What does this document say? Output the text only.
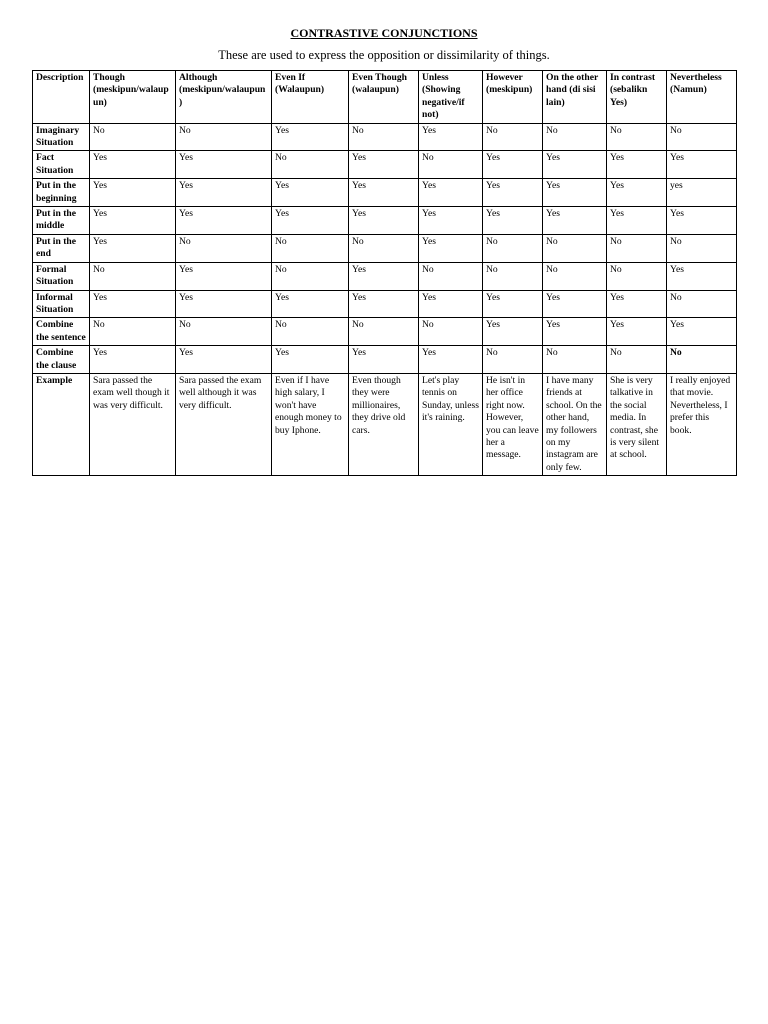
CONTRASTIVE CONJUNCTIONS
These are used to express the opposition or dissimilarity of things.
Description	Though (meskipun/walaupun)	Although (meskipun/walaupun)	Even If (Walaupun)	Even Though (walaupun)	Unless (Showing negative/if not)	However (meskipun)	On the other hand (di sisi lain)	In contrast (sebalikn Yes)	Nevertheless (Namun)
Imaginary Situation	No	No	Yes	No	Yes	No	No	No	No
Fact Situation	Yes	Yes	No	Yes	No	Yes	Yes	Yes	Yes
Put in the beginning	Yes	Yes	Yes	Yes	Yes	Yes	Yes	Yes	yes
Put in the middle	Yes	Yes	Yes	Yes	Yes	Yes	Yes	Yes	Yes
Put in the end	Yes	No	No	No	Yes	No	No	No	No
Formal Situation	No	Yes	No	Yes	No	No	No	No	Yes
Informal Situation	Yes	Yes	Yes	Yes	Yes	Yes	Yes	Yes	No
Combine the sentence	No	No	No	No	No	Yes	Yes	Yes	Yes
Combine the clause	Yes	Yes	Yes	Yes	Yes	No	No	No	No
Example	Sara passed the exam well though it was very difficult.	Sara passed the exam well although it was very difficult.	Even if I have high salary, I won't have enough money to buy Iphone.	Even though they were millionaires, they drive old cars.	Let's play tennis on Sunday, unless it's raining.	He isn't in her office right now. However, you can leave her a message.	I have many friends at school. On the other hand, my followers on my instagram are only few.	She is very talkative in the social media. In contrast, she is very silent at school.	I really enjoyed that movie. Nevertheless, I prefer this book.
